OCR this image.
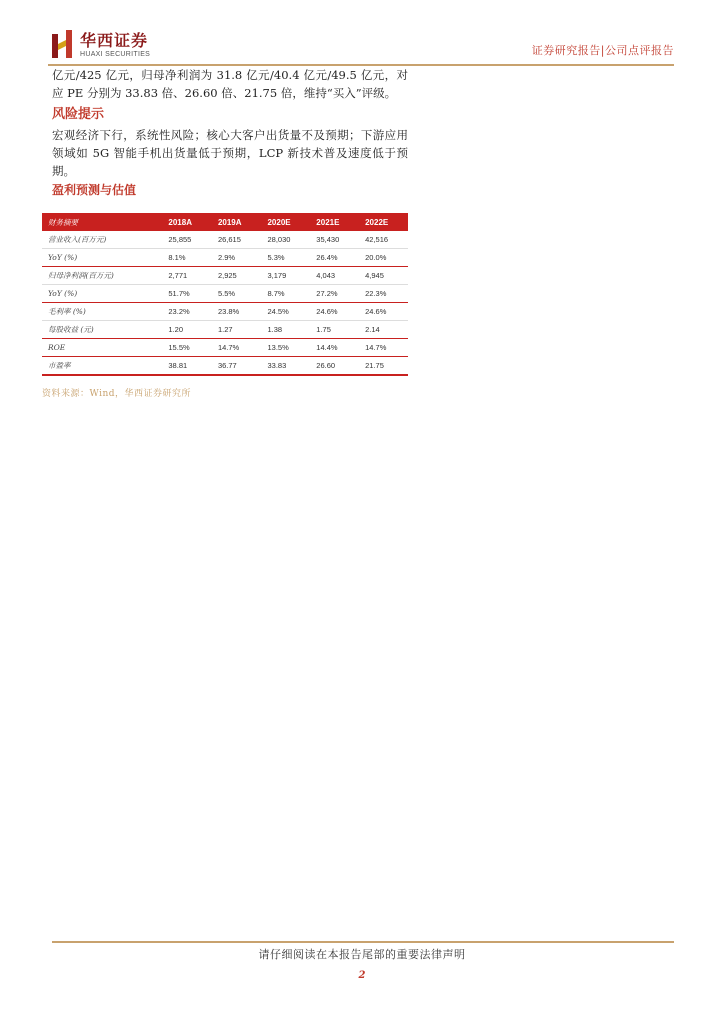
华西证券
HUAXI SECURITIES	证券研究报告|公司点评报告

亿元/425 亿元，归母净利润为 31.8 亿元/40.4 亿元/49.5 亿元，对应 PE 分别为 33.83 倍、26.60 倍、21.75 倍，维持“买入”评级。

风险提示

宏观经济下行，系统性风险；核心大客户出货量不及预期；下游应用领域如 5G 智能手机出货量低于预期，LCP 新技术普及速度低于预期。

盈利预测与估值
财务摘要	2018A	2019A	2020E	2021E	2022E
营业收入(百万元)	25,855	26,615	28,030	35,430	42,516
YoY (%)	8.1%	2.9%	5.3%	26.4%	20.0%
归母净利润(百万元)	2,771	2,925	3,179	4,043	4,945
YoY (%)	51.7%	5.5%	8.7%	27.2%	22.3%
毛利率 (%)	23.2%	23.8%	24.5%	24.6%	24.6%
每股收益 (元)	1.20	1.27	1.38	1.75	2.14
ROE	15.5%	14.7%	13.5%	14.4%	14.7%
市盈率	38.81	36.77	33.83	26.60	21.75
资料来源：Wind，华西证券研究所
请仔细阅读在本报告尾部的重要法律声明
2
